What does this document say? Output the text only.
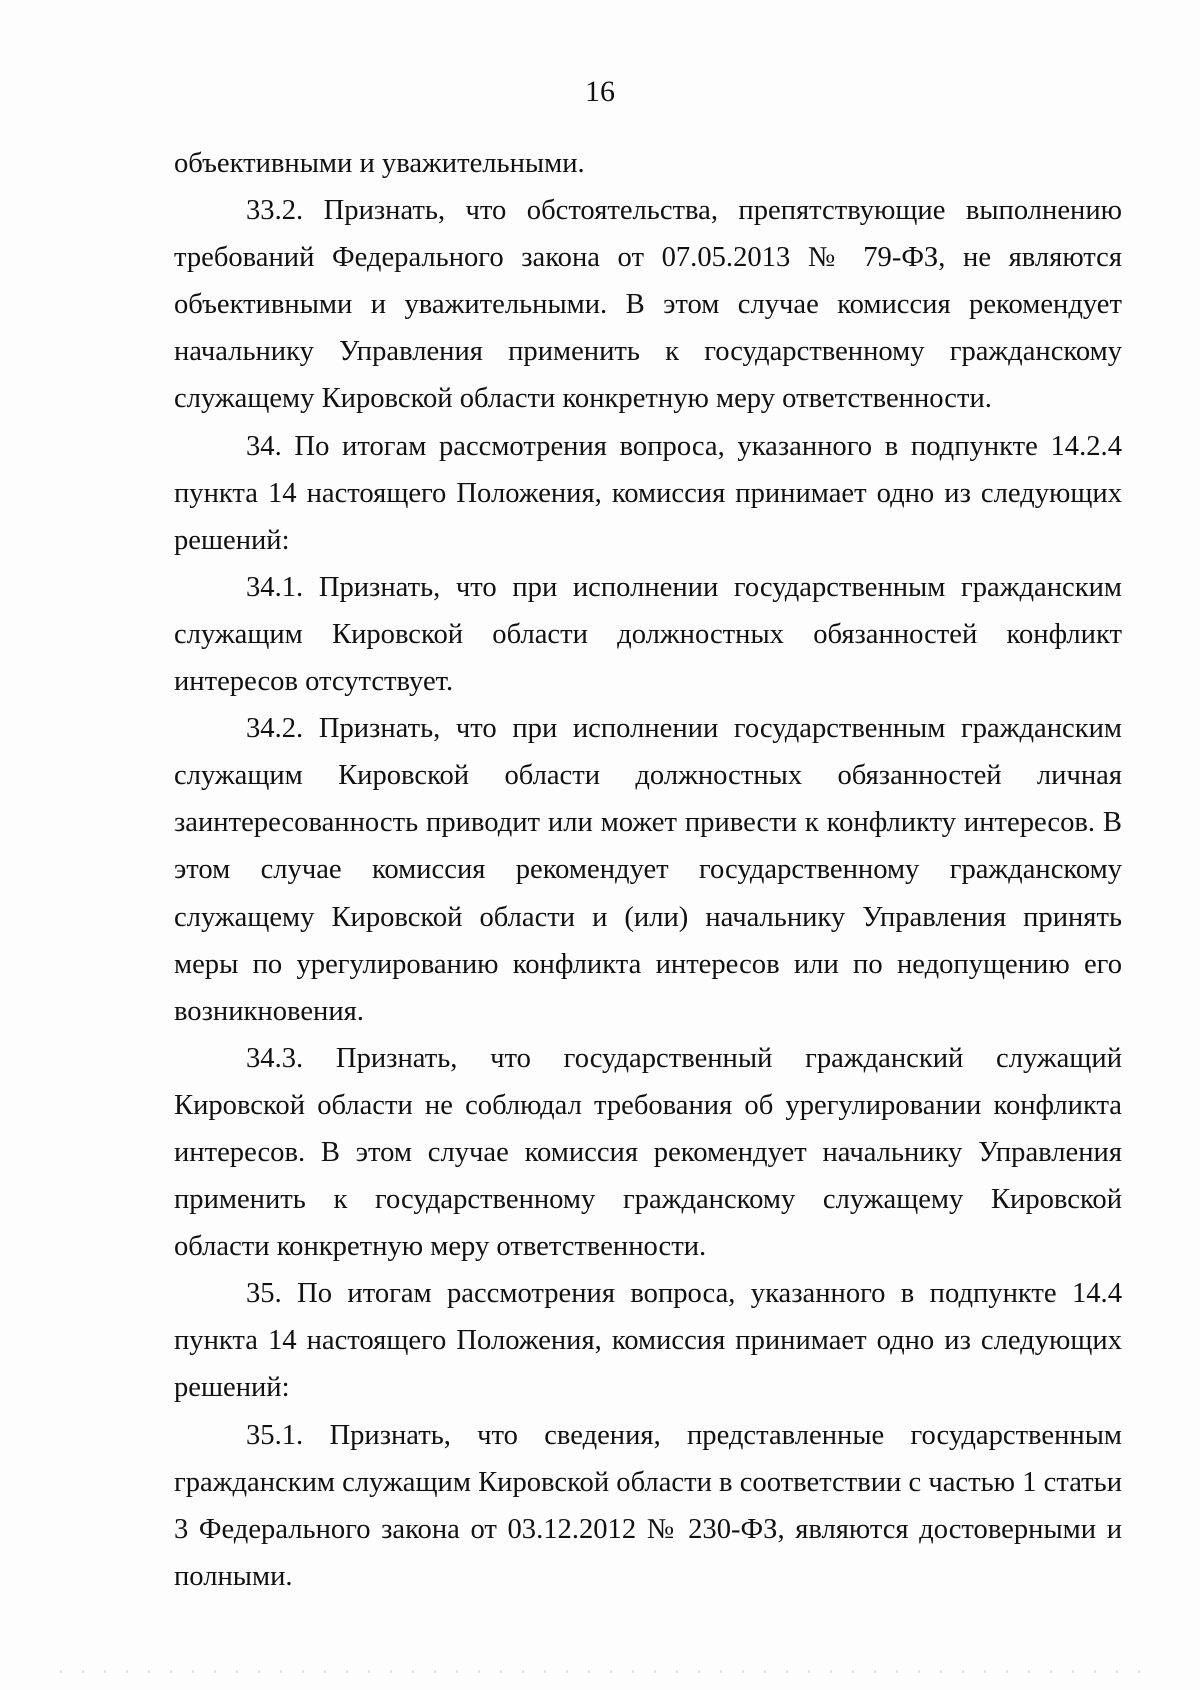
16

объективными и уважительными.

33.2. Признать, что обстоятельства, препятствующие выполнению требований Федерального закона от 07.05.2013 № 79-ФЗ, не являются объективными и уважительными. В этом случае комиссия рекомендует начальнику Управления применить к государственному гражданскому служащему Кировской области конкретную меру ответственности.

34. По итогам рассмотрения вопроса, указанного в подпункте 14.2.4 пункта 14 настоящего Положения, комиссия принимает одно из следующих решений:

34.1. Признать, что при исполнении государственным гражданским служащим Кировской области должностных обязанностей конфликт интересов отсутствует.

34.2. Признать, что при исполнении государственным гражданским служащим Кировской области должностных обязанностей личная заинтересованность приводит или может привести к конфликту интересов. В этом случае комиссия рекомендует государственному гражданскому служащему Кировской области и (или) начальнику Управления принять меры по урегулированию конфликта интересов или по недопущению его возникновения.

34.3. Признать, что государственный гражданский служащий Кировской области не соблюдал требования об урегулировании конфликта интересов. В этом случае комиссия рекомендует начальнику Управления применить к государственному гражданскому служащему Кировской области конкретную меру ответственности.

35. По итогам рассмотрения вопроса, указанного в подпункте 14.4 пункта 14 настоящего Положения, комиссия принимает одно из следующих решений:

35.1. Признать, что сведения, представленные государственным гражданским служащим Кировской области в соответствии с частью 1 статьи 3 Федерального закона от 03.12.2012 № 230-ФЗ, являются достоверными и полными.
